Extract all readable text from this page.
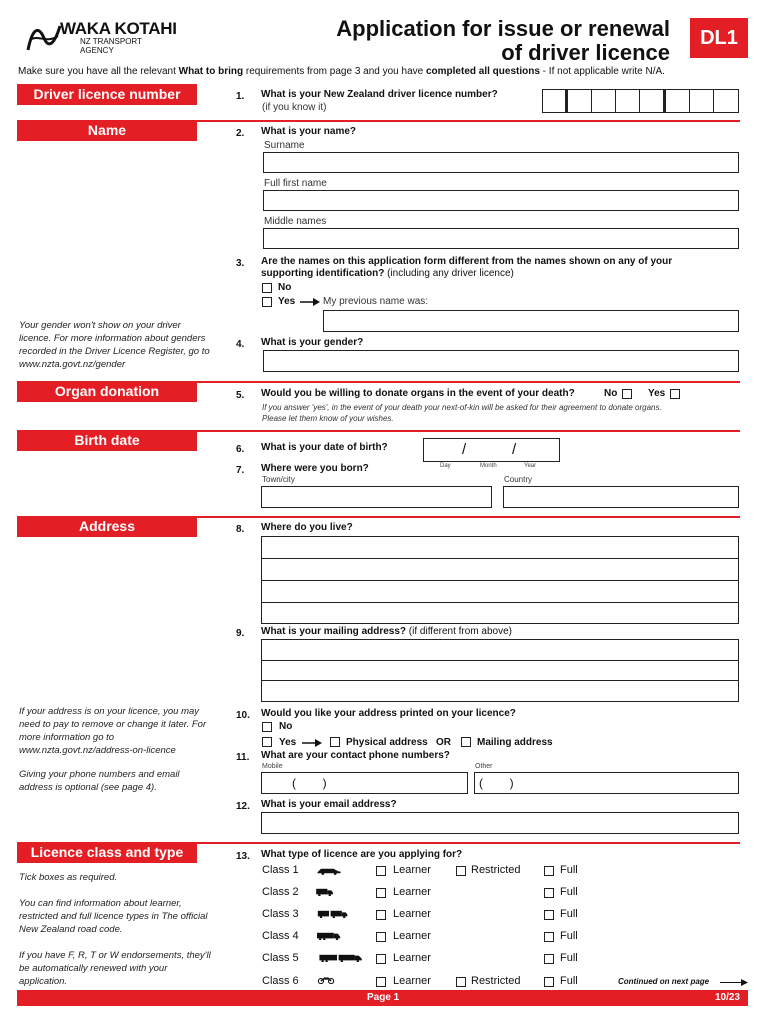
WAKA KOTAHI
NZ TRANSPORT
AGENCY
Application for issue or renewal
of driver licence
DL1
Make sure you have all the relevant What to bring requirements from page 3 and you have completed all questions - If not applicable write N/A.
Driver licence number	1. What is your New Zealand driver licence number?
(if you know it)
Name	2. What is your name?
Surname
Full first name
Middle names
3. Are the names on this application form different from the names shown on any of your
supporting identification? (including any driver licence)
No
Yes	My previous name was:
Your gender won't show on your driver licence. For more information about genders recorded in the Driver Licence Register, go to www.nzta.govt.nz/gender
4. What is your gender?
Organ donation	5. Would you be willing to donate organs in the event of your death?	No	Yes
If you answer 'yes', in the event of your death your next-of-kin will be asked for their agreement to donate organs.
Please let them know of your wishes.
Birth date
6. What is your date of birth?	/	/
Day	Month	Year
7. Where were you born?
Town/city	Country
Address	8. Where do you live?
9. What is your mailing address? (if different from above)
If your address is on your licence, you may need to pay to remove or change it later. For more information go to www.nzta.govt.nz/address-on-licence
Giving your phone numbers and email address is optional (see page 4).
10. Would you like your address printed on your licence?
No
Yes	Physical address OR	Mailing address
11. What are your contact phone numbers?
Mobile	Other
(        )	(        )
12. What is your email address?
Licence class and type
Tick boxes as required.
You can find information about learner, restricted and full licence types in The official New Zealand road code.
If you have F, R, T or W endorsements, they'll be automatically renewed with your application.
13. What type of licence are you applying for?
Class 1	Learner	Restricted	Full
Class 2	Learner	Full
Class 3	Learner	Full
Class 4	Learner	Full
Class 5	Learner	Full
Class 6	Learner	Restricted	Full	Continued on next page
Page 1	10/23
